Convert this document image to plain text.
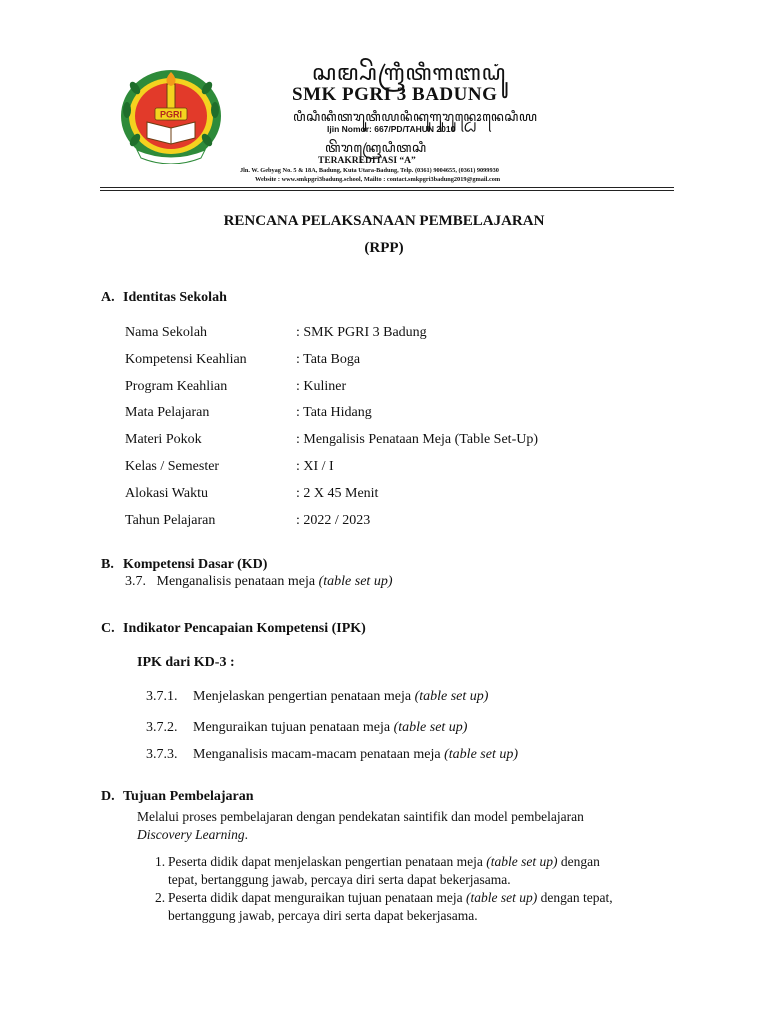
PGRI
ꦱꦩ꧀ꦥꦼꦒꦿꦶꦠꦶꦒꦧꦝꦸꦁ
SMK PGRI 3 BADUNG
ꦥꦶꦱꦶꦏꦶꦠꦫꦸꦠꦶꦪꦤꦶꦏꦸꦒꦸꦫꦸꦤ꧀ꦝꦺꦴꦤꦺꦱꦶꦪ
Ijin Nomor: 667/PD/TAHUN 2010
ꦠꦼꦫꦏꦿꦺꦝꦶꦠꦱꦶ
TERAKREDITASI “A”
Jln. W. Gebyag No. 5 & 18A, Badung, Kuta Utara-Badung, Telp. (0361) 9004655, (0361) 9099930
Website : www.smkpgri3badung.school, Mailto : contact.smkpgri3badung2019@gmail.com
RENCANA PELAKSANAAN PEMBELAJARAN
(RPP)
A. Identitas Sekolah
Nama Sekolah	: SMK PGRI 3 Badung
Kompetensi Keahlian	: Tata Boga
Program Keahlian	: Kuliner
Mata Pelajaran	: Tata Hidang
Materi Pokok	: Mengalisis Penataan Meja (Table Set-Up)
Kelas / Semester	: XI / I
Alokasi Waktu	: 2 X 45 Menit
Tahun Pelajaran	: 2022 / 2023
B. Kompetensi Dasar (KD)
3.7. Menganalisis penataan meja (table set up)
C. Indikator Pencapaian Kompetensi (IPK)
IPK dari KD-3 :
3.7.1. Menjelaskan pengertian penataan meja (table set up)
3.7.2. Menguraikan tujuan penataan meja (table set up)
3.7.3. Menganalisis macam-macam penataan meja (table set up)
D. Tujuan Pembelajaran
Melalui proses pembelajaran dengan pendekatan saintifik dan model pembelajaran
Discovery Learning.
1. Peserta didik dapat menjelaskan pengertian penataan meja (table set up) dengan
tepat, bertanggung jawab, percaya diri serta dapat bekerjasama.
2. Peserta didik dapat menguraikan tujuan penataan meja (table set up) dengan tepat,
bertanggung jawab, percaya diri serta dapat bekerjasama.
